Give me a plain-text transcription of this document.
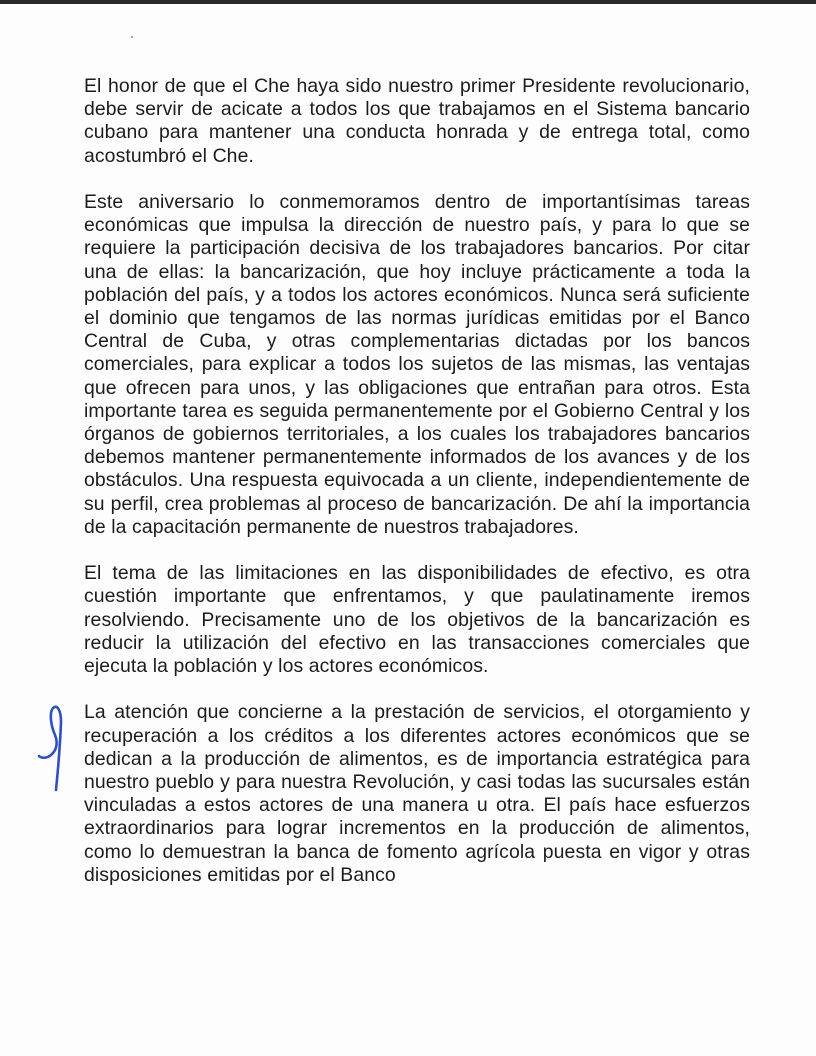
El honor de que el Che haya sido nuestro primer Presidente revolucionario, debe servir de acicate a todos los que trabajamos en el Sistema bancario cubano para mantener una conducta honrada y de entrega total, como acostumbró el Che.

Este aniversario lo conmemoramos dentro de importantísimas tareas económicas que impulsa la dirección de nuestro país, y para lo que se requiere la participación decisiva de los trabajadores bancarios. Por citar una de ellas: la bancarización, que hoy incluye prácticamente a toda la población del país, y a todos los actores económicos. Nunca será suficiente el dominio que tengamos de las normas jurídicas emitidas por el Banco Central de Cuba, y otras complementarias dictadas por los bancos comerciales, para explicar a todos los sujetos de las mismas, las ventajas que ofrecen para unos, y las obligaciones que entrañan para otros. Esta importante tarea es seguida permanentemente por el Gobierno Central y los órganos de gobiernos territoriales, a los cuales los trabajadores bancarios debemos mantener permanentemente informados de los avances y de los obstáculos. Una respuesta equivocada a un cliente, independientemente de su perfil, crea problemas al proceso de bancarización. De ahí la importancia de la capacitación permanente de nuestros trabajadores.

El tema de las limitaciones en las disponibilidades de efectivo, es otra cuestión importante que enfrentamos, y que paulatinamente iremos resolviendo. Precisamente uno de los objetivos de la bancarización es reducir la utilización del efectivo en las transacciones comerciales que ejecuta la población y los actores económicos.

La atención que concierne a la prestación de servicios, el otorgamiento y recuperación a los créditos a los diferentes actores económicos que se dedican a la producción de alimentos, es de importancia estratégica para nuestro pueblo y para nuestra Revolución, y casi todas las sucursales están vinculadas a estos actores de una manera u otra. El país hace esfuerzos extraordinarios para lograr incrementos en la producción de alimentos, como lo demuestran la banca de fomento agrícola puesta en vigor y otras disposiciones emitidas por el Banco
